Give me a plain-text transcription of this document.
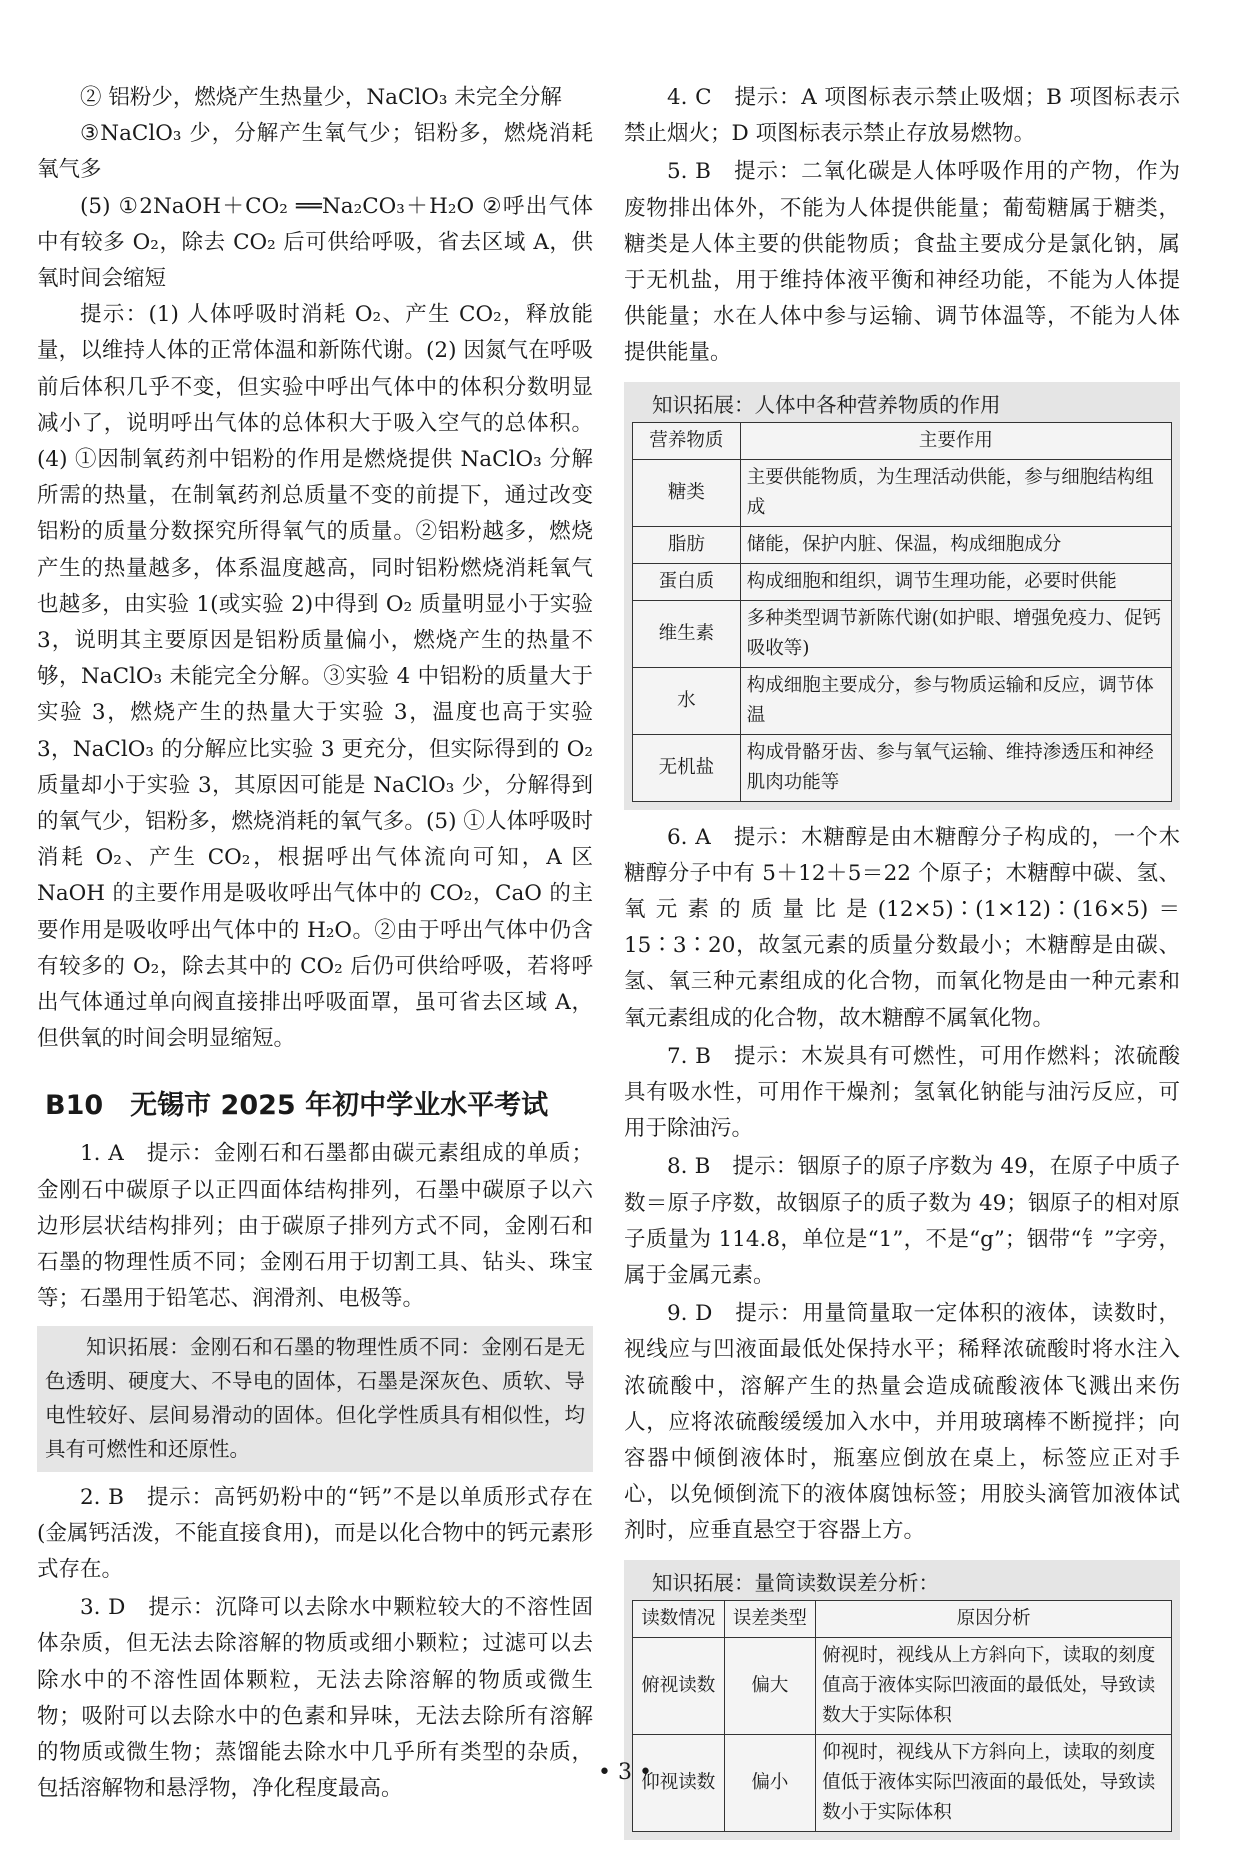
② 铝粉少，燃烧产生热量少，NaClO₃ 未完全分解

③NaClO₃ 少，分解产生氧气少；铝粉多，燃烧消耗氧气多

(5) ①2NaOH＋CO₂ ══Na₂CO₃＋H₂O ②呼出气体中有较多 O₂，除去 CO₂ 后可供给呼吸，省去区域 A，供氧时间会缩短

提示：(1) 人体呼吸时消耗 O₂、产生 CO₂，释放能量，以维持人体的正常体温和新陈代谢。(2) 因氮气在呼吸前后体积几乎不变，但实验中呼出气体中的体积分数明显减小了，说明呼出气体的总体积大于吸入空气的总体积。(4) ①因制氧药剂中铝粉的作用是燃烧提供 NaClO₃ 分解所需的热量，在制氧药剂总质量不变的前提下，通过改变铝粉的质量分数探究所得氧气的质量。②铝粉越多，燃烧产生的热量越多，体系温度越高，同时铝粉燃烧消耗氧气也越多，由实验 1(或实验 2)中得到 O₂ 质量明显小于实验 3，说明其主要原因是铝粉质量偏小，燃烧产生的热量不够，NaClO₃ 未能完全分解。③实验 4 中铝粉的质量大于实验 3，燃烧产生的热量大于实验 3，温度也高于实验 3，NaClO₃ 的分解应比实验 3 更充分，但实际得到的 O₂ 质量却小于实验 3，其原因可能是 NaClO₃ 少，分解得到的氧气少，铝粉多，燃烧消耗的氧气多。(5) ①人体呼吸时消耗 O₂、产生 CO₂，根据呼出气体流向可知，A 区 NaOH 的主要作用是吸收呼出气体中的 CO₂，CaO 的主要作用是吸收呼出气体中的 H₂O。②由于呼出气体中仍含有较多的 O₂，除去其中的 CO₂ 后仍可供给呼吸，若将呼出气体通过单向阀直接排出呼吸面罩，虽可省去区域 A，但供氧的时间会明显缩短。

B10　无锡市 2025 年初中学业水平考试

1. A　提示：金刚石和石墨都由碳元素组成的单质；金刚石中碳原子以正四面体结构排列，石墨中碳原子以六边形层状结构排列；由于碳原子排列方式不同，金刚石和石墨的物理性质不同；金刚石用于切割工具、钻头、珠宝等；石墨用于铅笔芯、润滑剂、电极等。

知识拓展：金刚石和石墨的物理性质不同：金刚石是无色透明、硬度大、不导电的固体，石墨是深灰色、质软、导电性较好、层间易滑动的固体。但化学性质具有相似性，均具有可燃性和还原性。

2. B　提示：高钙奶粉中的“钙”不是以单质形式存在(金属钙活泼，不能直接食用)，而是以化合物中的钙元素形式存在。

3. D　提示：沉降可以去除水中颗粒较大的不溶性固体杂质，但无法去除溶解的物质或细小颗粒；过滤可以去除水中的不溶性固体颗粒，无法去除溶解的物质或微生物；吸附可以去除水中的色素和异味，无法去除所有溶解的物质或微生物；蒸馏能去除水中几乎所有类型的杂质，包括溶解物和悬浮物，净化程度最高。

4. C　提示：A 项图标表示禁止吸烟；B 项图标表示禁止烟火；D 项图标表示禁止存放易燃物。

5. B　提示：二氧化碳是人体呼吸作用的产物，作为废物排出体外，不能为人体提供能量；葡萄糖属于糖类，糖类是人体主要的供能物质；食盐主要成分是氯化钠，属于无机盐，用于维持体液平衡和神经功能，不能为人体提供能量；水在人体中参与运输、调节体温等，不能为人体提供能量。

知识拓展：人体中各种营养物质的作用
营养物质	主要作用
糖类	主要供能物质，为生理活动供能，参与细胞结构组成
脂肪	储能，保护内脏、保温，构成细胞成分
蛋白质	构成细胞和组织，调节生理功能，必要时供能
维生素	多种类型调节新陈代谢(如护眼、增强免疫力、促钙吸收等)
水	构成细胞主要成分，参与物质运输和反应，调节体温
无机盐	构成骨骼牙齿、参与氧气运输、维持渗透压和神经肌肉功能等

6. A　提示：木糖醇是由木糖醇分子构成的，一个木糖醇分子中有 5＋12＋5＝22 个原子；木糖醇中碳、氢、氧元素的质量比是(12×5)∶(1×12)∶(16×5)＝15∶3∶20，故氢元素的质量分数最小；木糖醇是由碳、氢、氧三种元素组成的化合物，而氧化物是由一种元素和氧元素组成的化合物，故木糖醇不属氧化物。

7. B　提示：木炭具有可燃性，可用作燃料；浓硫酸具有吸水性，可用作干燥剂；氢氧化钠能与油污反应，可用于除油污。

8. B　提示：铟原子的原子序数为 49，在原子中质子数＝原子序数，故铟原子的质子数为 49；铟原子的相对原子质量为 114.8，单位是“1”，不是“g”；铟带“钅”字旁，属于金属元素。

9. D　提示：用量筒量取一定体积的液体，读数时，视线应与凹液面最低处保持水平；稀释浓硫酸时将水注入浓硫酸中，溶解产生的热量会造成硫酸液体飞溅出来伤人，应将浓硫酸缓缓加入水中，并用玻璃棒不断搅拌；向容器中倾倒液体时，瓶塞应倒放在桌上，标签应正对手心，以免倾倒流下的液体腐蚀标签；用胶头滴管加液体试剂时，应垂直悬空于容器上方。

知识拓展：量筒读数误差分析：
读数情况	误差类型	原因分析
俯视读数	偏大	俯视时，视线从上方斜向下，读取的刻度值高于液体实际凹液面的最低处，导致读数大于实际体积
仰视读数	偏小	仰视时，视线从下方斜向上，读取的刻度值低于液体实际凹液面的最低处，导致读数小于实际体积
• 3 •
